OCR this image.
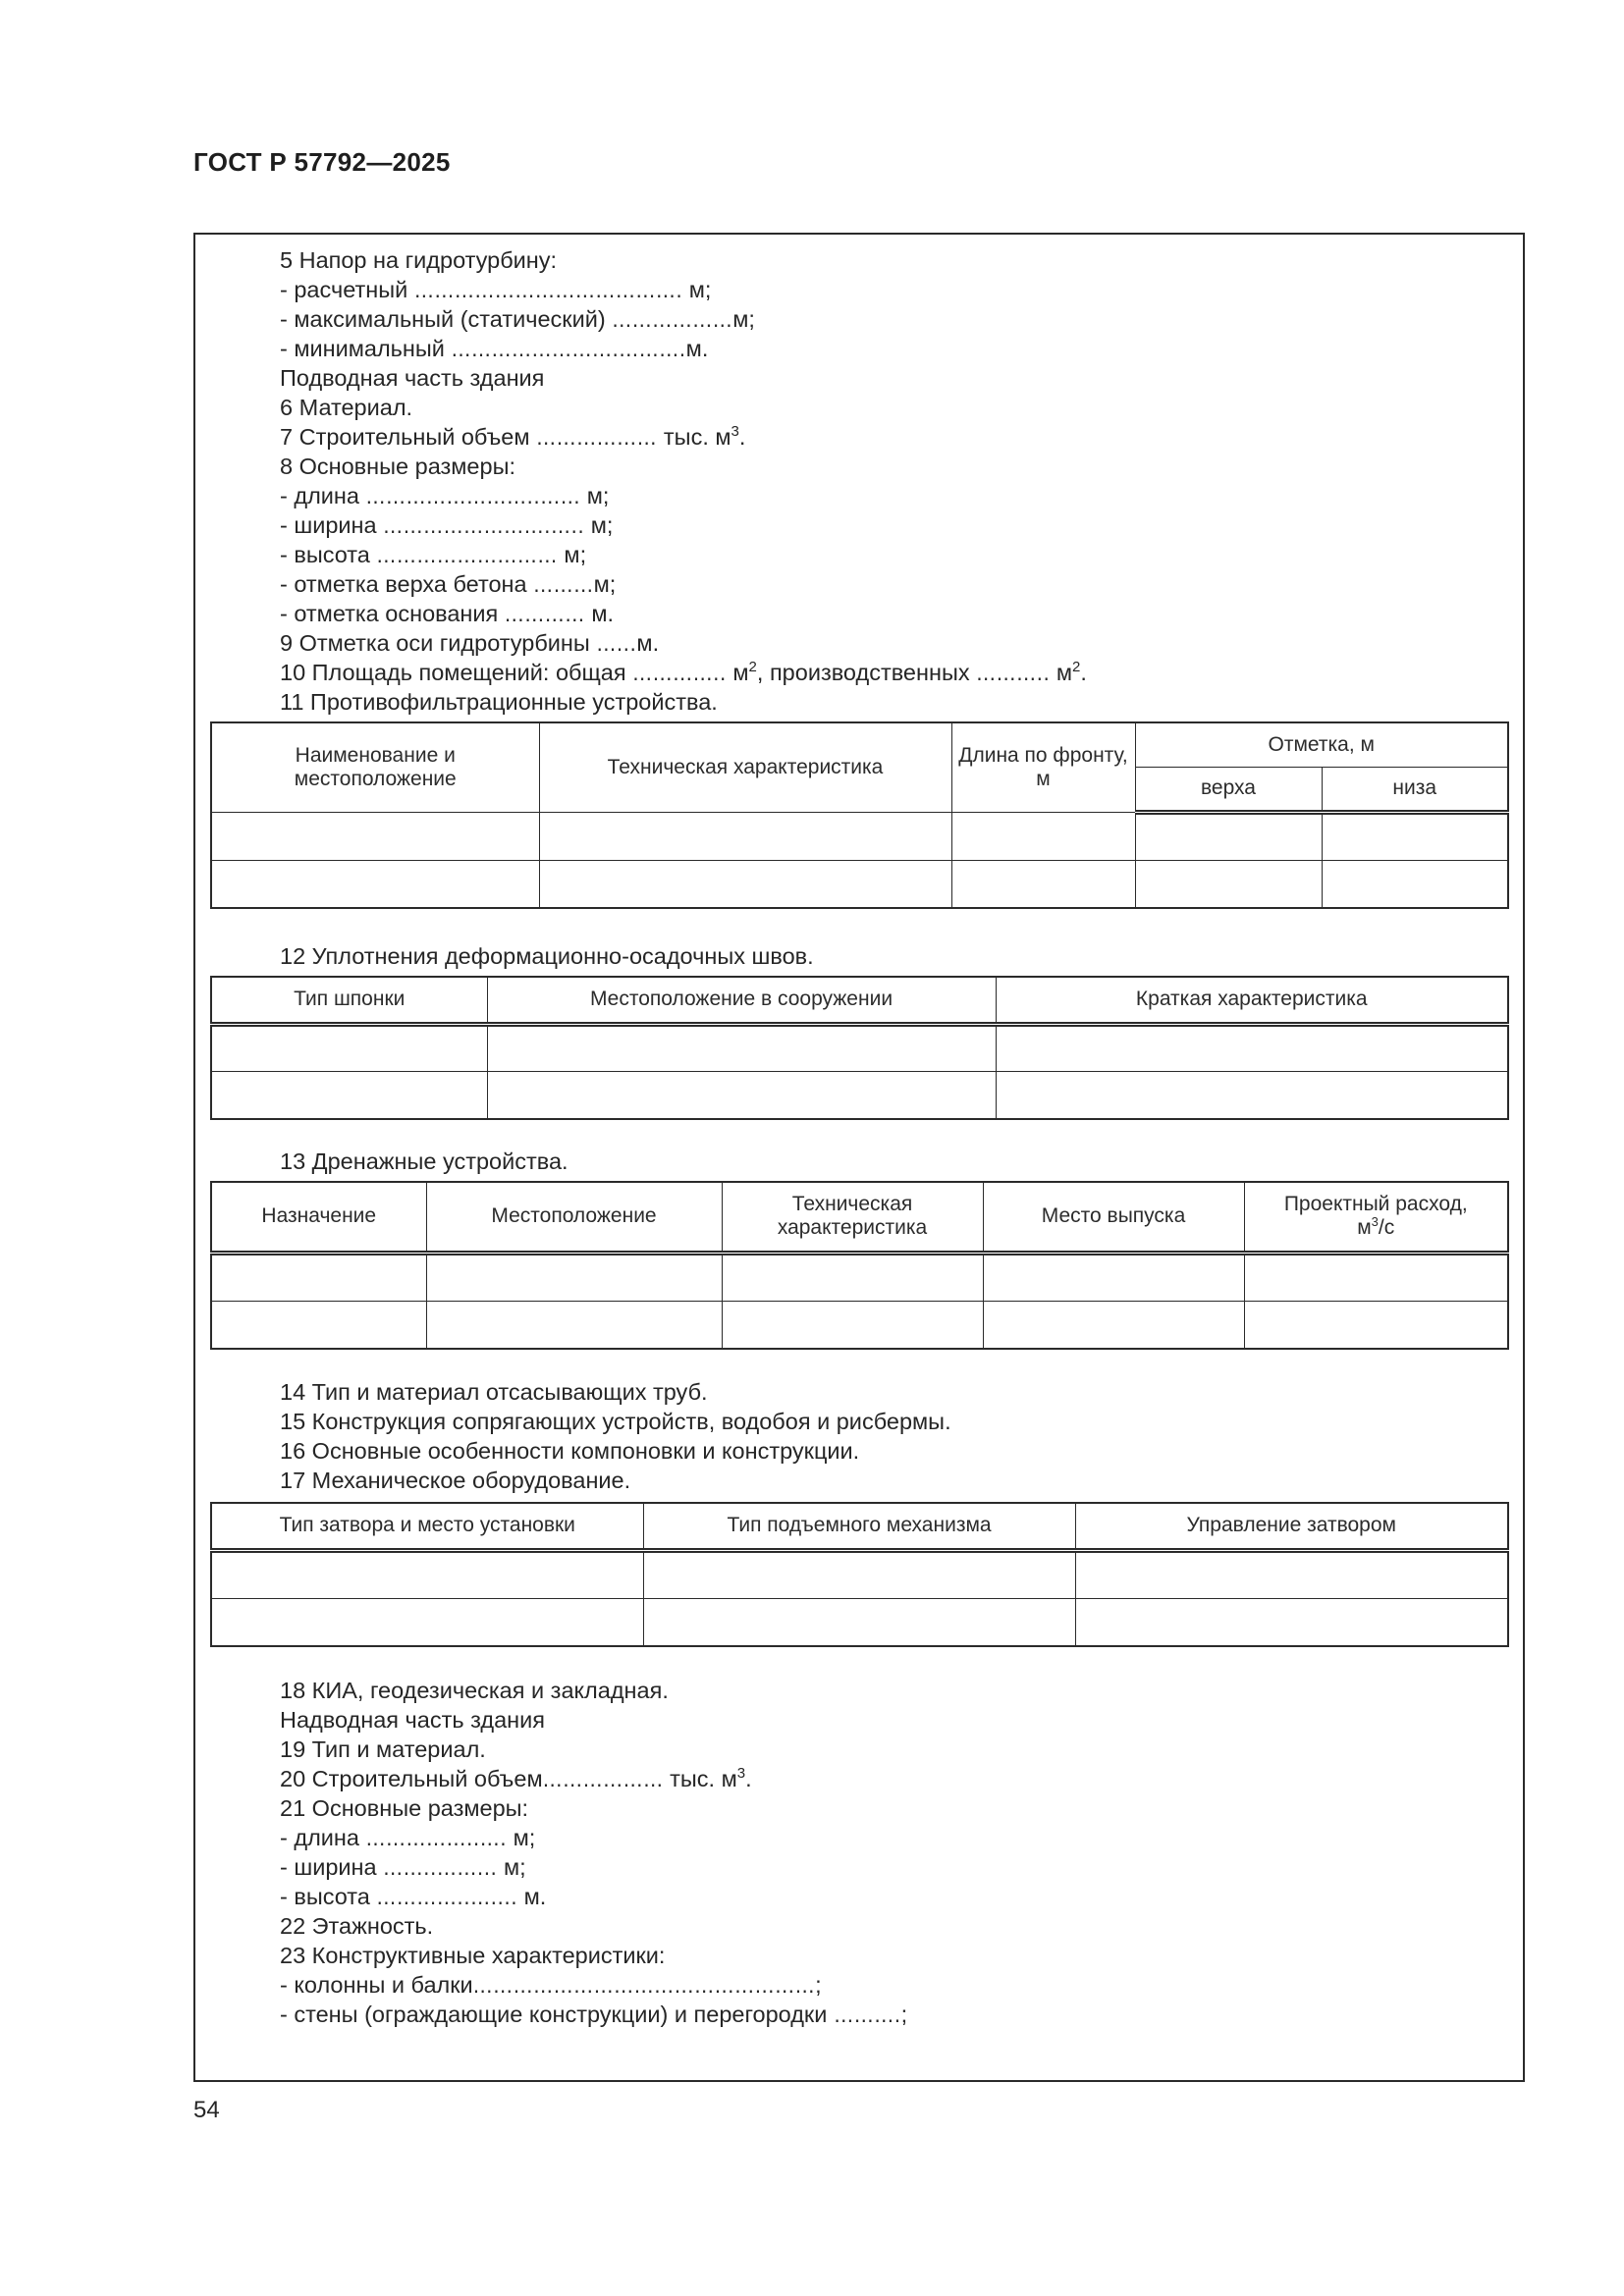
ГОСТ Р 57792—2025
5 Напор на гидротурбину:
- расчетный …………………………………. м;
- максимальный (статический) ………………м;
- минимальный …………………….……….м.
Подводная часть здания
6 Материал.
7 Строительный объем ……………… тыс. $м^3$.
8 Основные размеры:
- длина ……………………..…… м;
- ширина …………………….….. м;
- высота ……………………… м;
- отметка верха бетона ………м;
- отметка основания ………… м.
9 Отметка оси гидротурбины …...м.
10 Площадь помещений: общая ………….. $м^2$, производственных ……….. $м^2$.
11 Противофильтрационные устройства.
Наименование и местоположение	Техническая характеристика	Длина по фронту, м	Отметка, м	
			верха	низа

12 Уплотнения деформационно-осадочных швов.
Тип шпонки	Местоположение в сооружении	Краткая характеристика

13 Дренажные устройства.
Назначение	Местоположение	Техническая характеристика	Место выпуска	Проектный расход,
$м^3/с$

14 Тип и материал отсасывающих труб.
15 Конструкция сопрягающих устройств, водобоя и рисбермы.
16 Основные особенности компоновки и конструкции.
17 Механическое оборудование.
Тип затвора и место установки	Тип подъемного механизма	Управление затвором

18 КИА, геодезическая и закладная.
Надводная часть здания
19 Тип и материал.
20 Строительный объем……………… тыс. $м^3$.
21 Основные размеры:
- длина ……………..…. м;
- ширина ……..……... м;
- высота …………..….... м.
22 Этажность.
23 Конструктивные характеристики:
- колонны и балки……………………………………………;
- стены (ограждающие конструкции) и перегородки ……….;
54
